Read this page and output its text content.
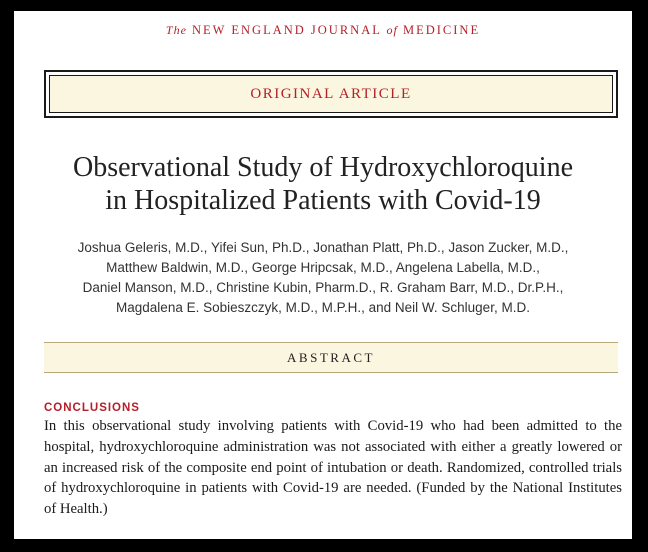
The NEW ENGLAND JOURNAL of MEDICINE
ORIGINAL ARTICLE
Observational Study of Hydroxychloroquine
in Hospitalized Patients with Covid-19
Joshua Geleris, M.D., Yifei Sun, Ph.D., Jonathan Platt, Ph.D., Jason Zucker, M.D.,
Matthew Baldwin, M.D., George Hripcsak, M.D., Angelena Labella, M.D.,
Daniel Manson, M.D., Christine Kubin, Pharm.D., R. Graham Barr, M.D., Dr.P.H.,
Magdalena E. Sobieszczyk, M.D., M.P.H., and Neil W. Schluger, M.D.
ABSTRACT
CONCLUSIONS
In this observational study involving patients with Covid-19 who had been admitted to the hospital, hydroxychloroquine administration was not associated with either a greatly lowered or an increased risk of the composite end point of intubation or death. Randomized, controlled trials of hydroxychloroquine in patients with Covid-19 are needed. (Funded by the National Institutes of Health.)
